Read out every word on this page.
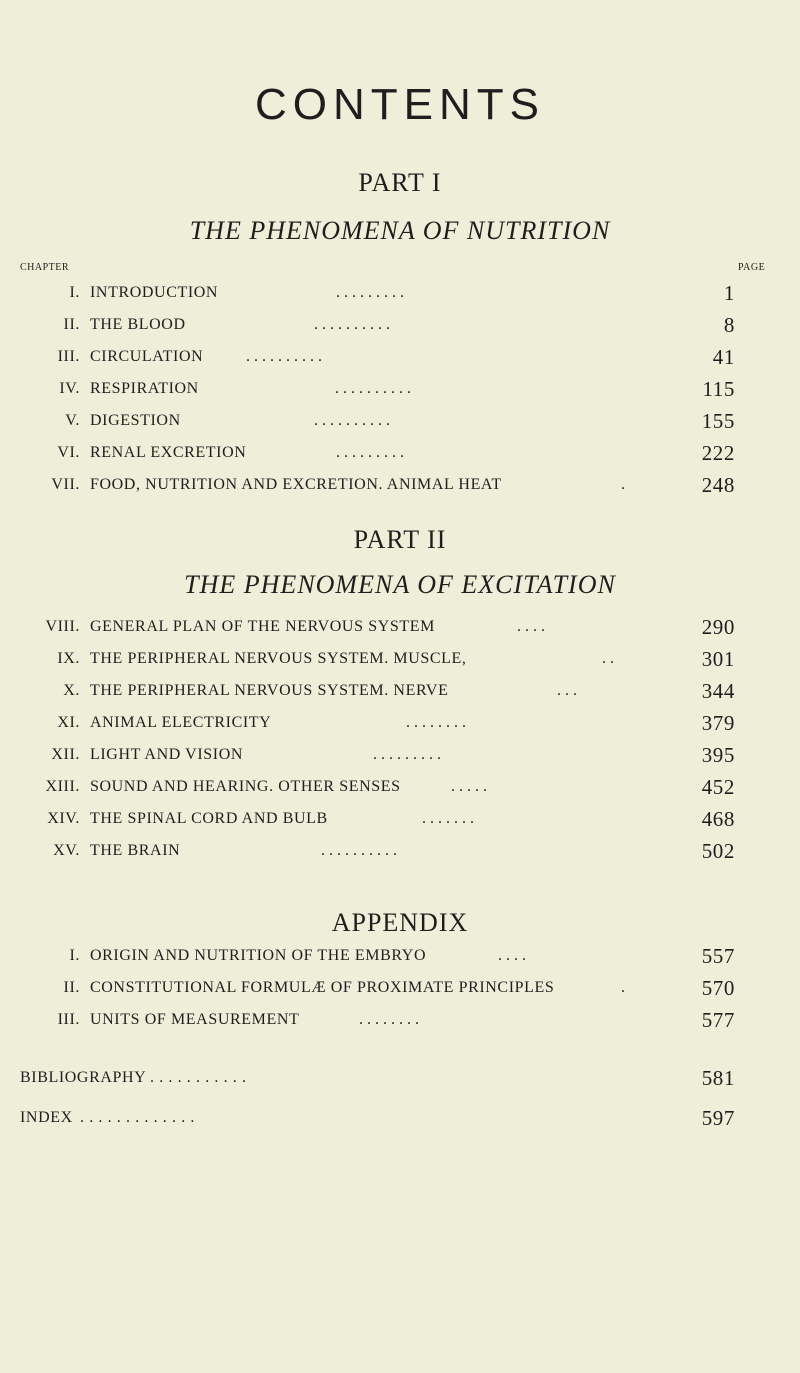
CONTENTS
PART I
THE PHENOMENA OF NUTRITION
CHAPTER	PAGE
I. INTRODUCTION	. . . . . . . . .	1
II. THE BLOOD	. . . . . . . . . .	8
III. CIRCULATION	. . . . . . . . . .	41
IV. RESPIRATION	. . . . . . . . . .	115
V. DIGESTION	. . . . . . . . . .	155
VI. RENAL EXCRETION	. . . . . . . . .	222
VII. FOOD, NUTRITION AND EXCRETION. ANIMAL HEAT	.	248
PART II
THE PHENOMENA OF EXCITATION
VIII. GENERAL PLAN OF THE NERVOUS SYSTEM	. . . .	290
IX. THE PERIPHERAL NERVOUS SYSTEM. MUSCLE,	. .	301
X. THE PERIPHERAL NERVOUS SYSTEM. NERVE	. . .	344
XI. ANIMAL ELECTRICITY	. . . . . . . .	379
XII. LIGHT AND VISION	. . . . . . . . .	395
XIII. SOUND AND HEARING. OTHER SENSES	. . . . .	452
XIV. THE SPINAL CORD AND BULB	. . . . . . .	468
XV. THE BRAIN	. . . . . . . . . .	502
APPENDIX
I. ORIGIN AND NUTRITION OF THE EMBRYO	. . . .	557
II. CONSTITUTIONAL FORMULÆ OF PROXIMATE PRINCIPLES	.	570
III. UNITS OF MEASUREMENT	. . . . . . . .	577
BIBLIOGRAPHY . . . . . . . . . . .	581
INDEX . . . . . . . . . . . . .	597
